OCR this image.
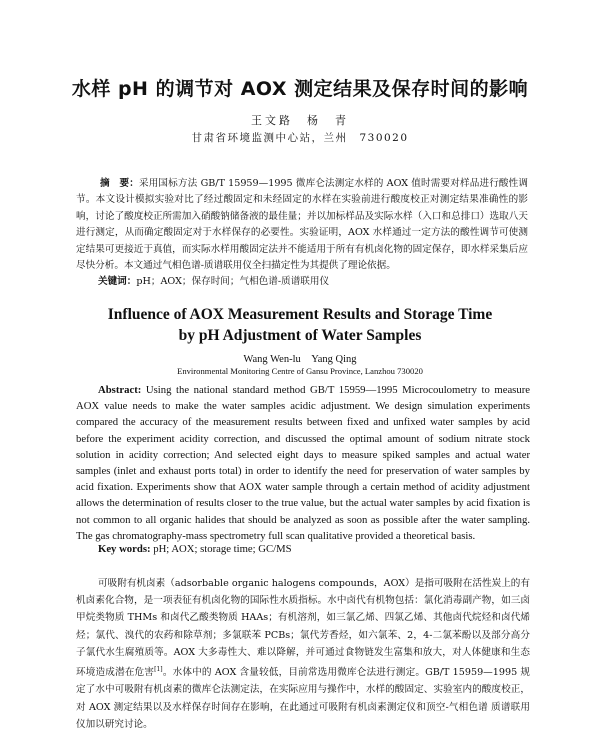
水样 pH 的调节对 AOX 测定结果及保存时间的影响
王文路　杨　青
甘肃省环境监测中心站，兰州　730020
摘　要：采用国标方法 GB/T 15959—1995 微库仑法测定水样的 AOX 值时需要对样品进行酸性调节。本文设计模拟实验对比了经过酸固定和未经固定的水样在实验前进行酸度校正对测定结果准确性的影响，讨论了酸度校正所需加入硝酸钠储备液的最佳量；并以加标样品及实际水样（入口和总排口）选取八天进行测定，从而确定酸固定对于水样保存的必要性。实验证明，AOX 水样通过一定方法的酸性调节可使测定结果可更接近于真值，而实际水样用酸固定法并不能适用于所有有机卤化物的固定保存，即水样采集后应尽快分析。本文通过气相色谱-质谱联用仪全扫描定性为其提供了理论依据。
关键词：pH；AOX；保存时间；气相色谱-质谱联用仪
Influence of AOX Measurement Results and Storage Time
by pH Adjustment of Water Samples
Wang Wen-lu　Yang Qing
Environmental Monitoring Centre of Gansu Province, Lanzhou 730020
Abstract: Using the national standard method GB/T 15959—1995 Microcoulometry to measure AOX value needs to make the water samples acidic adjustment. We design simulation experiments compared the accuracy of the measurement results between fixed and unfixed water samples by acid before the experiment acidity correction, and discussed the optimal amount of sodium nitrate stock solution in acidity correction; And selected eight days to measure spiked samples and actual water samples (inlet and exhaust ports total) in order to identify the need for preservation of water samples by acid fixation. Experiments show that AOX water sample through a certain method of acidity adjustment allows the determination of results closer to the true value, but the actual water samples by acid fixation is not common to all organic halides that should be analyzed as soon as possible after the water sampling. The gas chromatography-mass spectrometry full scan qualitative provided a theoretical basis.
Key words: pH; AOX; storage time; GC/MS
可吸附有机卤素（adsorbable organic halogens compounds，AOX）是指可吸附在活性炭上的有机卤素化合物，是一项表征有机卤化物的国际性水质指标。水中卤代有机物包括：氯化消毒副产物，如三卤甲烷类物质 THMs 和卤代乙酸类物质 HAAs；有机溶剂，如三氯乙烯、四氯乙烯、其他卤代烷烃和卤代烯烃；氯代、溴代的农药和除草剂；多氯联苯 PCBs；氯代芳香烃，如六氯苯、2，4-二氯苯酚以及部分高分子氯代水生腐殖质等。AOX 大多毒性大、难以降解，并可通过食物链发生富集和放大，对人体健康和生态环境造成潜在危害[1]。水体中的 AOX 含量较低，目前常选用微库仑法进行测定。GB/T 15959—1995 规定了水中可吸附有机卤素的微库仑法测定法，在实际应用与操作中，水样的酸固定、实验室内的酸度校正，对 AOX 测定结果以及水样保存时间存在影响，在此通过可吸附有机卤素测定仪和顶空-气相色谱 质谱联用仪加以研究讨论。
